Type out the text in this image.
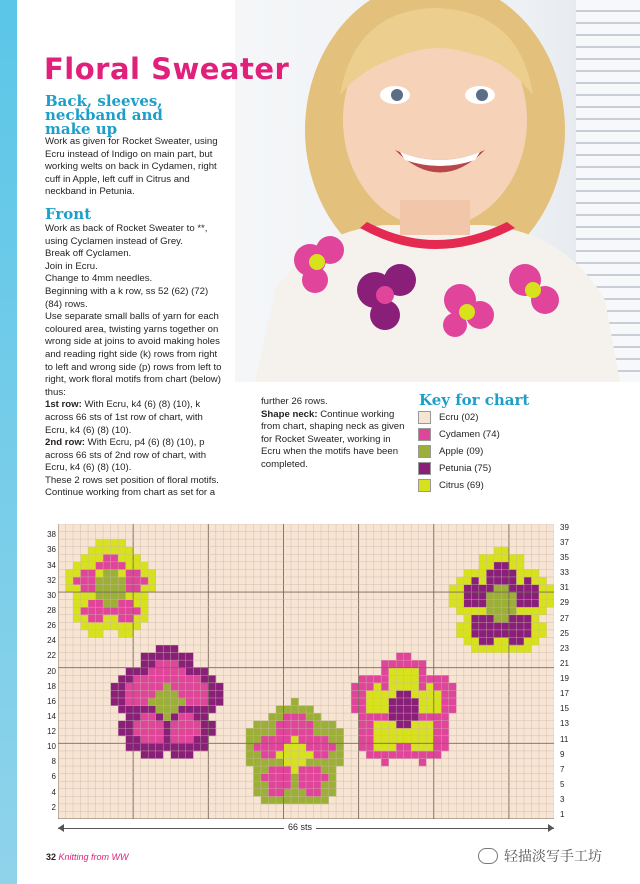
Floral Sweater
Back, sleeves, neckband and make up

Work as given for Rocket Sweater, using Ecru instead of Indigo on main part, but working welts on back in Cydamen, right cuff in Apple, left cuff in Citrus and neckband in Petunia.

Front

Work as back of Rocket Sweater to **, using Cyclamen instead of Grey.

Break off Cyclamen.

Join in Ecru.

Change to 4mm needles.

Beginning with a k row, ss 52 (62) (72) (84) rows.

Use separate small balls of yarn for each coloured area, twisting yarns together on wrong side at joins to avoid making holes and reading right side (k) rows from right to left and wrong side (p) rows from left to right, work floral motifs from chart (below) thus:

1st row: With Ecru, k4 (6) (8) (10), k across 66 sts of 1st row of chart, with Ecru, k4 (6) (8) (10).

2nd row: With Ecru, p4 (6) (8) (10), p across 66 sts of 2nd row of chart, with Ecru, k4 (6) (8) (10).

These 2 rows set position of floral motifs. Continue working from chart as set for a

further 26 rows.

Shape neck: Continue working from chart, shaping neck as given for Rocket Sweater, working in Ecru when the motifs have been completed.

Key for chart
Ecru (02)
Cydamen (74)
Apple (09)
Petunia (75)
Citrus (69)
2
4
6
8
10
12
14
16
18
20
22
24
26
28
30
32
34
36
38
1
3
5
7
9
11
13
15
17
19
21
23
25
27
29
31
33
35
37
39
66 sts
32 Knitting from WW	轻描淡写手工坊
